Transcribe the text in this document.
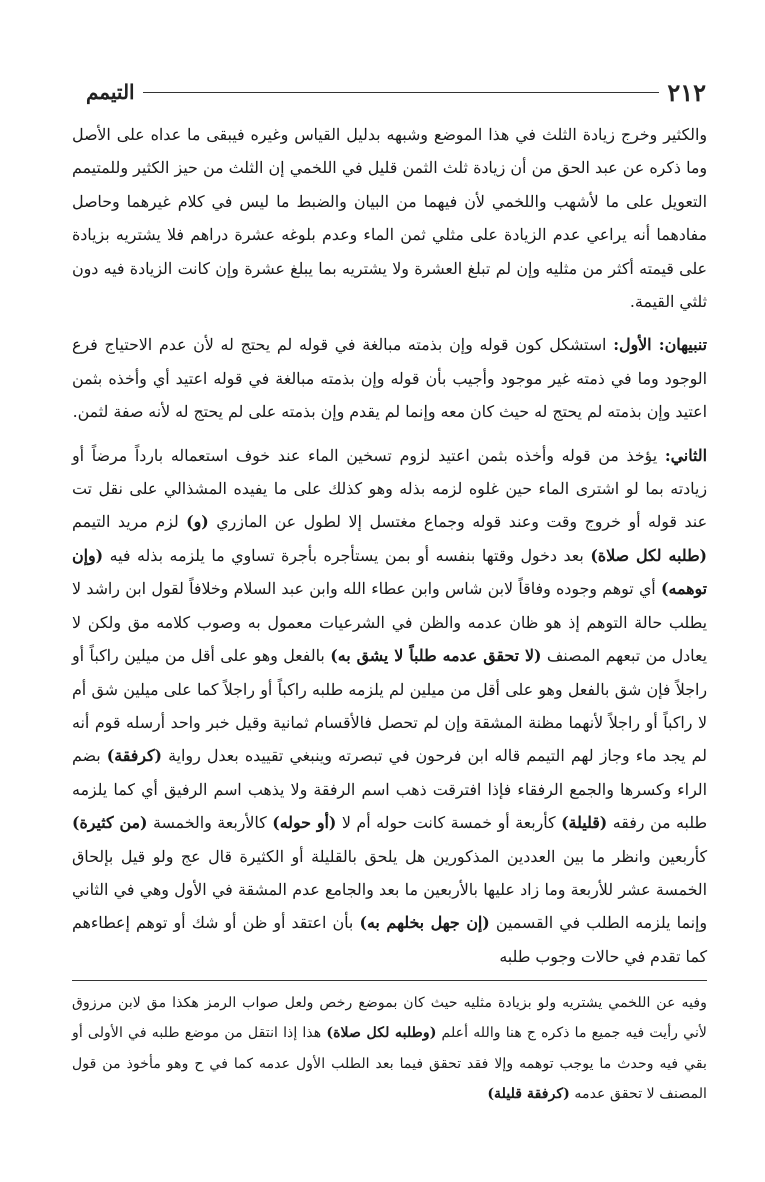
٢١٢
التيمم

والكثير وخرج زيادة الثلث في هذا الموضع وشبهه بدليل القياس وغيره فيبقى ما عداه على الأصل وما ذكره عن عبد الحق من أن زيادة ثلث الثمن قليل في اللخمي إن الثلث من حيز الكثير وللمتيمم التعويل على ما لأشهب واللخمي لأن فيهما من البيان والضبط ما ليس في كلام غيرهما وحاصل مفادهما أنه يراعي عدم الزيادة على مثلي ثمن الماء وعدم بلوغه عشرة دراهم فلا يشتريه بزيادة على قيمته أكثر من مثليه وإن لم تبلغ العشرة ولا يشتريه بما يبلغ عشرة وإن كانت الزيادة فيه دون ثلثي القيمة.

تنبيهان: الأول: استشكل كون قوله وإن بذمته مبالغة في قوله لم يحتج له لأن عدم الاحتياج فرع الوجود وما في ذمته غير موجود وأجيب بأن قوله وإن بذمته مبالغة في قوله اعتيد أي وأخذه بثمن اعتيد وإن بذمته لم يحتج له حيث كان معه وإنما لم يقدم وإن بذمته على لم يحتج له لأنه صفة لثمن.

الثاني: يؤخذ من قوله وأخذه بثمن اعتيد لزوم تسخين الماء عند خوف استعماله بارداً مرضاً أو زيادته بما لو اشترى الماء حين غلوه لزمه بذله وهو كذلك على ما يفيده المشذالي على نقل تت عند قوله أو خروج وقت وعند قوله وجماع مغتسل إلا لطول عن المازري (و) لزم مريد التيمم (طلبه لكل صلاة) بعد دخول وقتها بنفسه أو بمن يستأجره بأجرة تساوي ما يلزمه بذله فيه (وإن توهمه) أي توهم وجوده وفاقاً لابن شاس وابن عطاء الله وابن عبد السلام وخلافاً لقول ابن راشد لا يطلب حالة التوهم إذ هو ظان عدمه والظن في الشرعيات معمول به وصوب كلامه مق ولكن لا يعادل من تبعهم المصنف (لا تحقق عدمه طلباً لا يشق به) بالفعل وهو على أقل من ميلين راكباً أو راجلاً فإن شق بالفعل وهو على أقل من ميلين لم يلزمه طلبه راكباً أو راجلاً كما على ميلين شق أم لا راكباً أو راجلاً لأنهما مظنة المشقة وإن لم تحصل فالأقسام ثمانية وقيل خبر واحد أرسله قوم أنه لم يجد ماء وجاز لهم التيمم قاله ابن فرحون في تبصرته وينبغي تقييده بعدل رواية (كرفقة) بضم الراء وكسرها والجمع الرفقاء فإذا افترقت ذهب اسم الرفقة ولا يذهب اسم الرفيق أي كما يلزمه طلبه من رفقه (قليلة) كأربعة أو خمسة كانت حوله أم لا (أو حوله) كالأربعة والخمسة (من كثيرة) كأربعين وانظر ما بين العددين المذكورين هل يلحق بالقليلة أو الكثيرة قال عج ولو قيل بإلحاق الخمسة عشر للأربعة وما زاد عليها بالأربعين ما بعد والجامع عدم المشقة في الأول وهي في الثاني وإنما يلزمه الطلب في القسمين (إن جهل بخلهم به) بأن اعتقد أو ظن أو شك أو توهم إعطاءهم كما تقدم في حالات وجوب طلبه

وفيه عن اللخمي يشتريه ولو بزيادة مثليه حيث كان بموضع رخص ولعل صواب الرمز هكذا مق لابن مرزوق لأني رأيت فيه جميع ما ذكره ج هنا والله أعلم (وطلبه لكل صلاة) هذا إذا انتقل من موضع طلبه في الأولى أو بقي فيه وحدث ما يوجب توهمه وإلا فقد تحقق فيما بعد الطلب الأول عدمه كما في ح وهو مأخوذ من قول المصنف لا تحقق عدمه (كرفقة قليلة)
